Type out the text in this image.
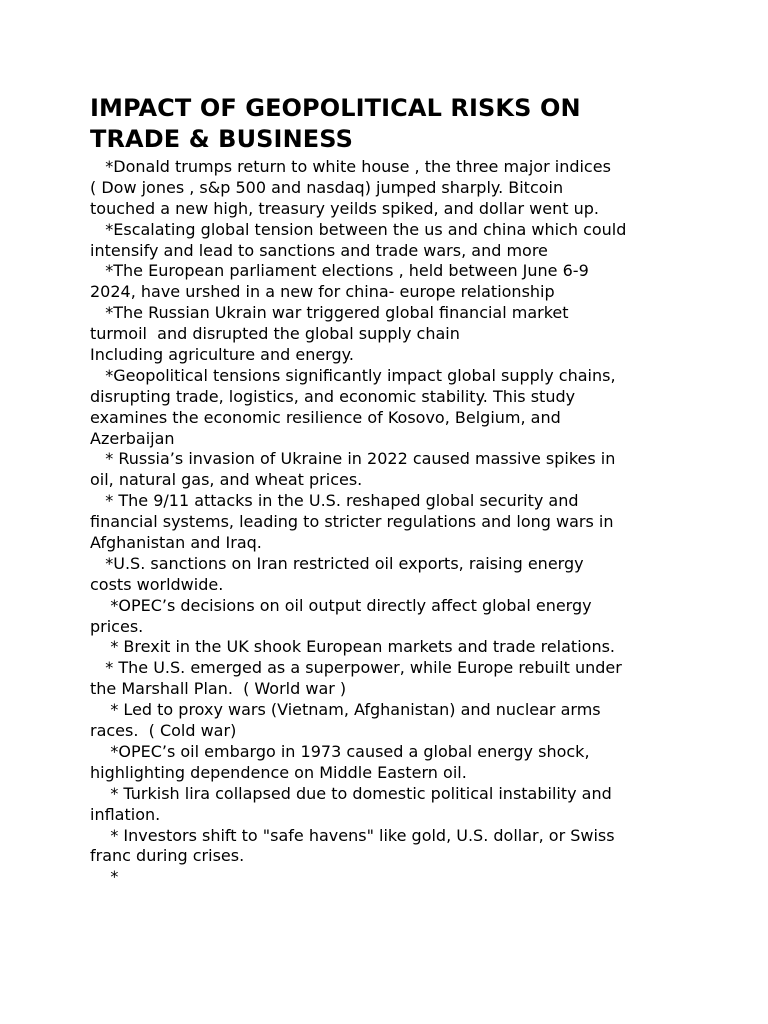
IMPACT OF GEOPOLITICAL RISKS ON
TRADE & BUSINESS
*Donald trumps return to white house , the three major indices
( Dow jones , s&p 500 and nasdaq) jumped sharply. Bitcoin
touched a new high, treasury yeilds spiked, and dollar went up.
*Escalating global tension between the us and china which could
intensify and lead to sanctions and trade wars, and more
*The European parliament elections , held between June 6-9
2024, have urshed in a new for china- europe relationship
*The Russian Ukrain war triggered global financial market
turmoil  and disrupted the global supply chain
Including agriculture and energy.
*Geopolitical tensions significantly impact global supply chains,
disrupting trade, logistics, and economic stability. This study
examines the economic resilience of Kosovo, Belgium, and
Azerbaijan
* Russia’s invasion of Ukraine in 2022 caused massive spikes in
oil, natural gas, and wheat prices.
* The 9/11 attacks in the U.S. reshaped global security and
financial systems, leading to stricter regulations and long wars in
Afghanistan and Iraq.
*U.S. sanctions on Iran restricted oil exports, raising energy
costs worldwide.
*OPEC’s decisions on oil output directly affect global energy
prices.
* Brexit in the UK shook European markets and trade relations.
* The U.S. emerged as a superpower, while Europe rebuilt under
the Marshall Plan.  ( World war )
* Led to proxy wars (Vietnam, Afghanistan) and nuclear arms
races.  ( Cold war)
*OPEC’s oil embargo in 1973 caused a global energy shock,
highlighting dependence on Middle Eastern oil.
* Turkish lira collapsed due to domestic political instability and
inflation.
* Investors shift to "safe havens" like gold, U.S. dollar, or Swiss
franc during crises.
*
